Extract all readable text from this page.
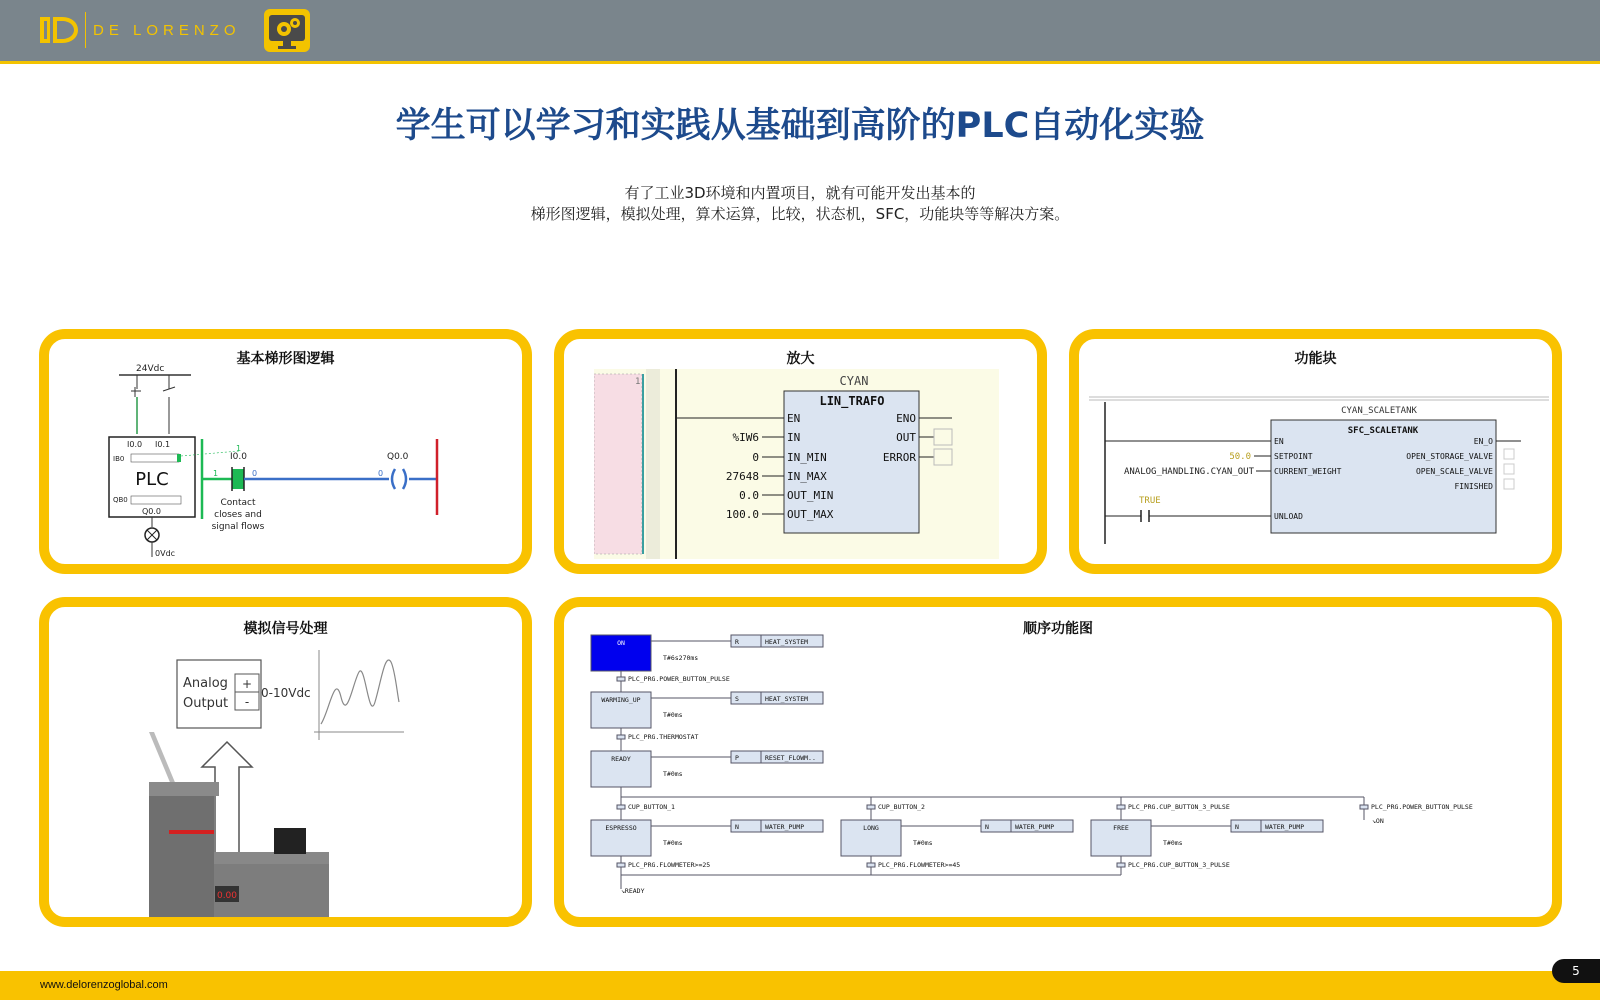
DE LORENZO
学生可以学习和实践从基础到高阶的PLC自动化实验
有了工业3D环境和内置项目，就有可能开发出基本的
梯形图逻辑，模拟处理，算术运算，比较，状态机，SFC，功能块等等解决方案。
基本梯形图逻辑
24Vdc
I0.0 I0.1
IB0
PLC
QB0
Q0.0
0Vdc
1
1
I0.0
0	0
Q0.0
Contact
closes and
signal flows
放大
1	CYAN
LIN_TRAFO
EN
IN
IN_MIN
IN_MAX
OUT_MIN
OUT_MAX
ENO
OUT
ERROR
%IW6
0
27648
0.0
100.0
功能块
CYAN_SCALETANK
SFC_SCALETANK
50.0
ANALOG_HANDLING.CYAN_OUT
TRUE
EN
SETPOINT
CURRENT_WEIGHT
UNLOAD
EN_O
OPEN_STORAGE_VALVE
OPEN_SCALE_VALVE
FINISHED
模拟信号处理
Analog
Output
+
-
0-10Vdc
0.00
顺序功能图
ON	R	HEAT_SYSTEM
T#6s270ms
PLC_PRG.POWER_BUTTON_PULSE
WARMING_UP	S	HEAT_SYSTEM
T#0ms
PLC_PRG.THERMOSTAT
READY	P	RESET_FLOWM..
T#0ms
CUP_BUTTON_1	CUP_BUTTON_2	PLC_PRG.CUP_BUTTON_3_PULSE	PLC_PRG.POWER_BUTTON_PULSE
↘ON
ESPRESSO	N	WATER_PUMP
T#0ms
LONG	N	WATER_PUMP
T#0ms
FREE	N	WATER_PUMP
T#0ms
PLC_PRG.FLOWMETER>=25	PLC_PRG.FLOWMETER>=45	PLC_PRG.CUP_BUTTON_3_PULSE
↘READY
www.delorenzoglobal.com
5
